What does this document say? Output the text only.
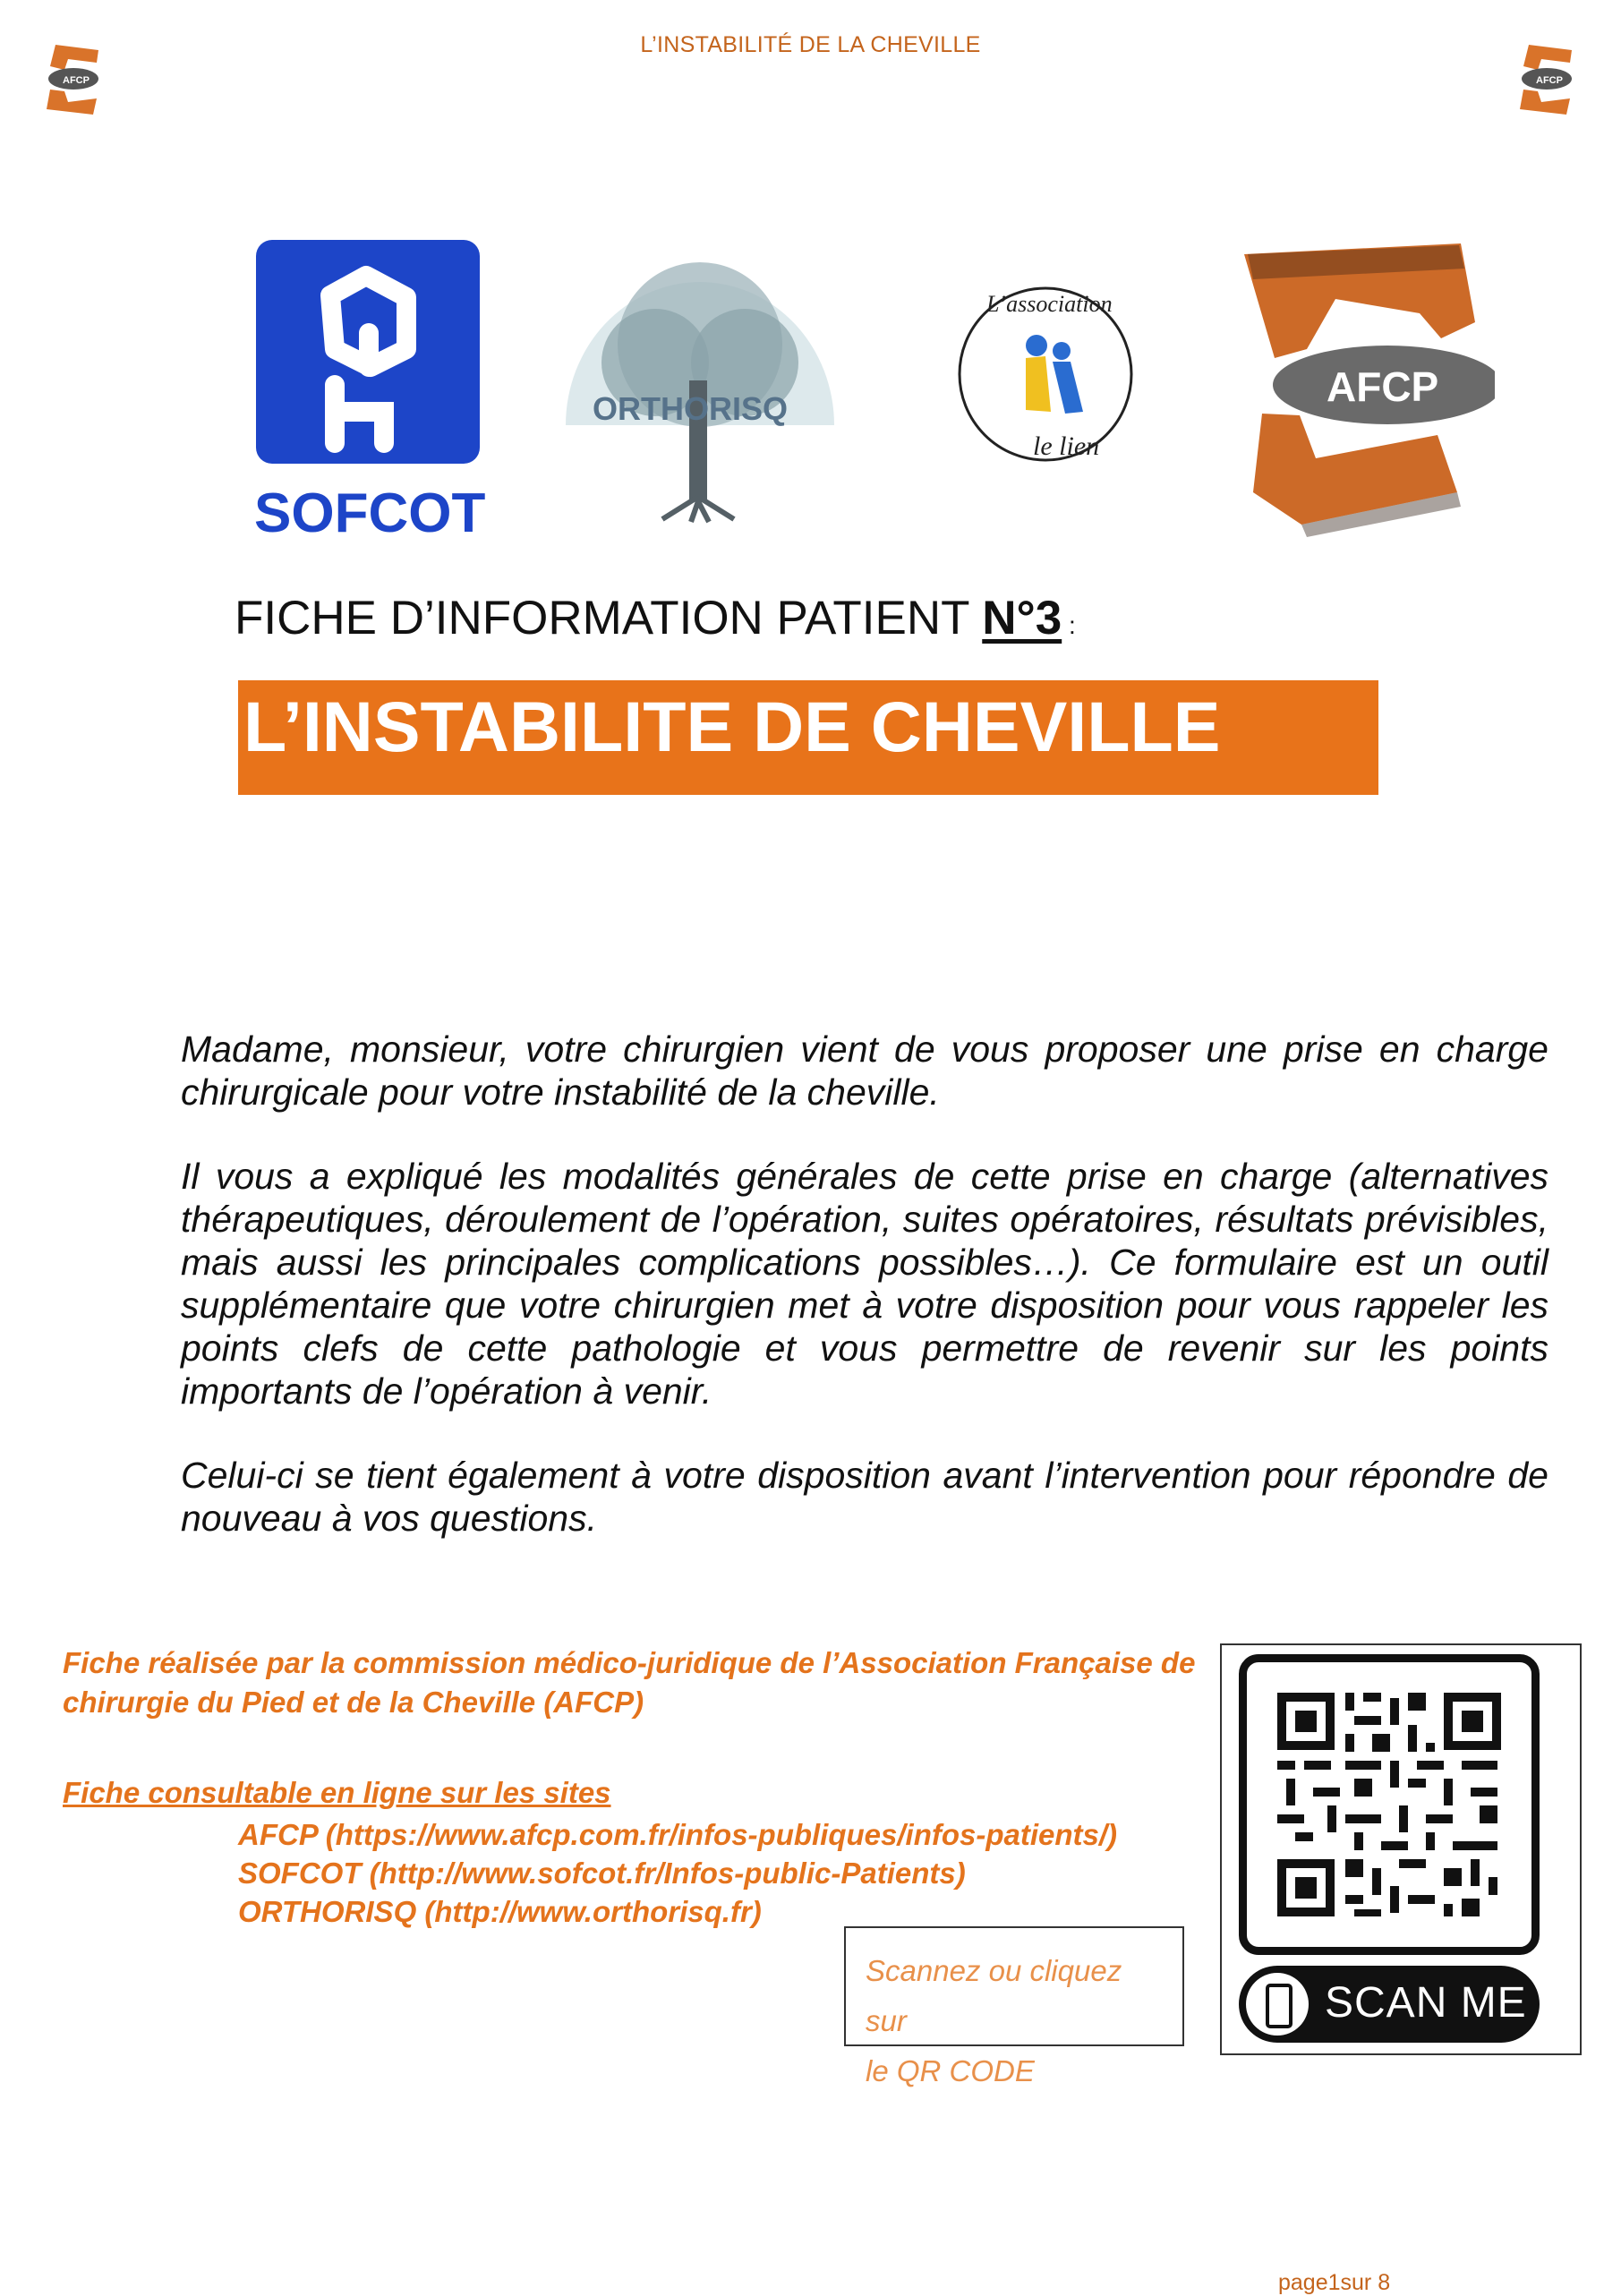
L’INSTABILITÉ DE LA CHEVILLE
AFCP	AFCP
SOFCOT
ORTHORISQ
L’association
le lien
AFCP
FICHE D’INFORMATION PATIENT N°3 :
L’INSTABILITE DE CHEVILLE

Madame, monsieur, votre chirurgien vient de vous proposer une prise en charge chirurgicale pour votre instabilité de la cheville.

Il vous a expliqué les modalités générales de cette prise en charge (alternatives thérapeutiques, déroulement de l’opération, suites opératoires, résultats prévisibles, mais aussi les principales complications possibles…). Ce formulaire est un outil supplémentaire que votre chirurgien met à votre disposition pour vous rappeler les points clefs de cette pathologie et vous permettre de revenir sur les points importants de l’opération à venir.

Celui-ci se tient également à votre disposition avant l’intervention pour répondre de nouveau à vos questions.

Fiche réalisée par la commission médico-juridique de l’Association Française de chirurgie du Pied et de la Cheville (AFCP)
Fiche consultable en ligne sur les sites
AFCP (https://www.afcp.com.fr/infos-publiques/infos-patients/)
SOFCOT (http://www.sofcot.fr/Infos-public-Patients)
ORTHORISQ (http://www.orthorisq.fr)
Scannez ou cliquez sur
le QR CODE
SCAN ME
page1sur 8
